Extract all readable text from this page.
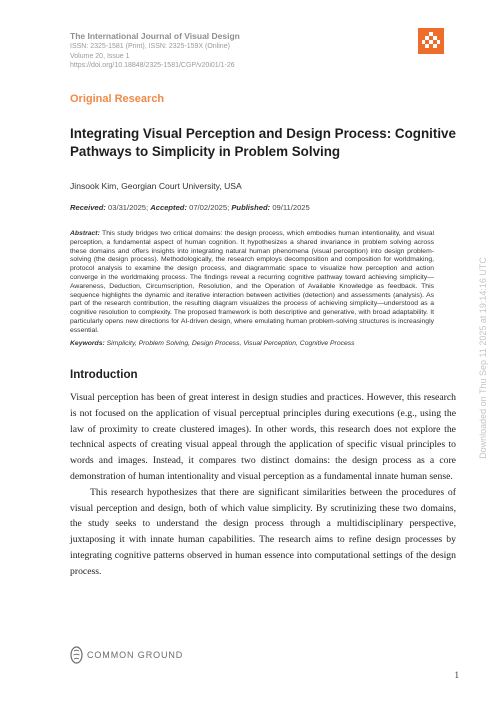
The International Journal of Visual Design
ISSN: 2325-1581 (Print), ISSN: 2325-159X (Online)
Volume 20, Issue 1
https://doi.org/10.18848/2325-1581/CGP/v20i01/1-26
Original Research
Integrating Visual Perception and Design Process: Cognitive Pathways to Simplicity in Problem Solving
Jinsook Kim, Georgian Court University, USA
Received: 03/31/2025; Accepted: 07/02/2025; Published: 09/11/2025
Abstract: This study bridges two critical domains: the design process, which embodies human intentionality, and visual perception, a fundamental aspect of human cognition. It hypothesizes a shared invariance in problem solving across these domains and offers insights into integrating natural human phenomena (visual perception) into design problem-solving (the design process). Methodologically, the research employs decomposition and composition for worldmaking, protocol analysis to examine the design process, and diagrammatic space to visualize how perception and action converge in the worldmaking process. The findings reveal a recurring cognitive pathway toward achieving simplicity—Awareness, Deduction, Circumscription, Resolution, and the Operation of Available Knowledge as feedback. This sequence highlights the dynamic and iterative interaction between activities (detection) and assessments (analysis). As part of the research contribution, the resulting diagram visualizes the process of achieving simplicity—understood as a cognitive resolution to complexity. The proposed framework is both descriptive and generative, with broad adaptability. It particularly opens new directions for AI-driven design, where emulating human problem-solving structures is increasingly essential.
Keywords: Simplicity, Problem Solving, Design Process, Visual Perception, Cognitive Process
Introduction

Visual perception has been of great interest in design studies and practices. However, this research is not focused on the application of visual perceptual principles during executions (e.g., using the law of proximity to create clustered images). In other words, this research does not explore the technical aspects of creating visual appeal through the application of specific visual principles to words and images. Instead, it compares two distinct domains: the design process as a core demonstration of human intentionality and visual perception as a fundamental innate human sense.

This research hypothesizes that there are significant similarities between the procedures of visual perception and design, both of which value simplicity. By scrutinizing these two domains, the study seeks to understand the design process through a multidisciplinary perspective, juxtaposing it with innate human capabilities. The research aims to refine design processes by integrating cognitive patterns observed in human essence into computational settings of the design process.

COMMON GROUND
1
Downloaded on Thu Sep 11 2025 at 19:14:16 UTC
